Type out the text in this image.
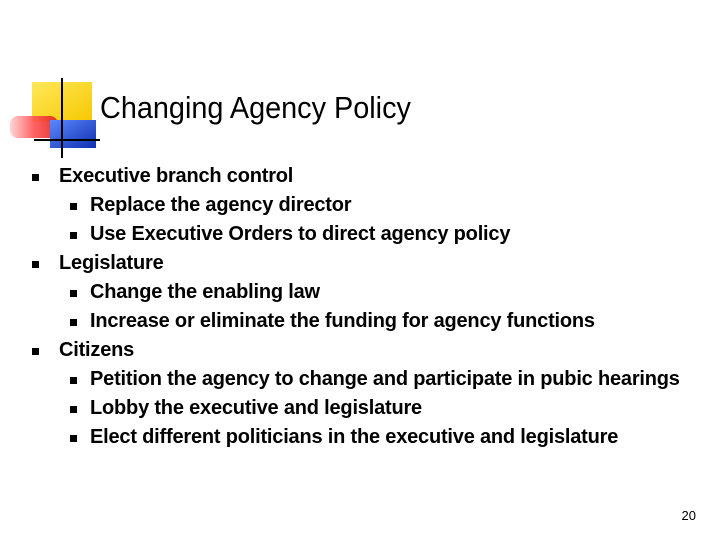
Changing Agency Policy
Executive branch control
Replace the agency director
Use Executive Orders to direct agency policy
Legislature
Change the enabling law
Increase or eliminate the funding for agency functions
Citizens
Petition the agency to change and participate in pubic hearings
Lobby the executive and legislature
Elect different politicians in the executive and legislature
20
